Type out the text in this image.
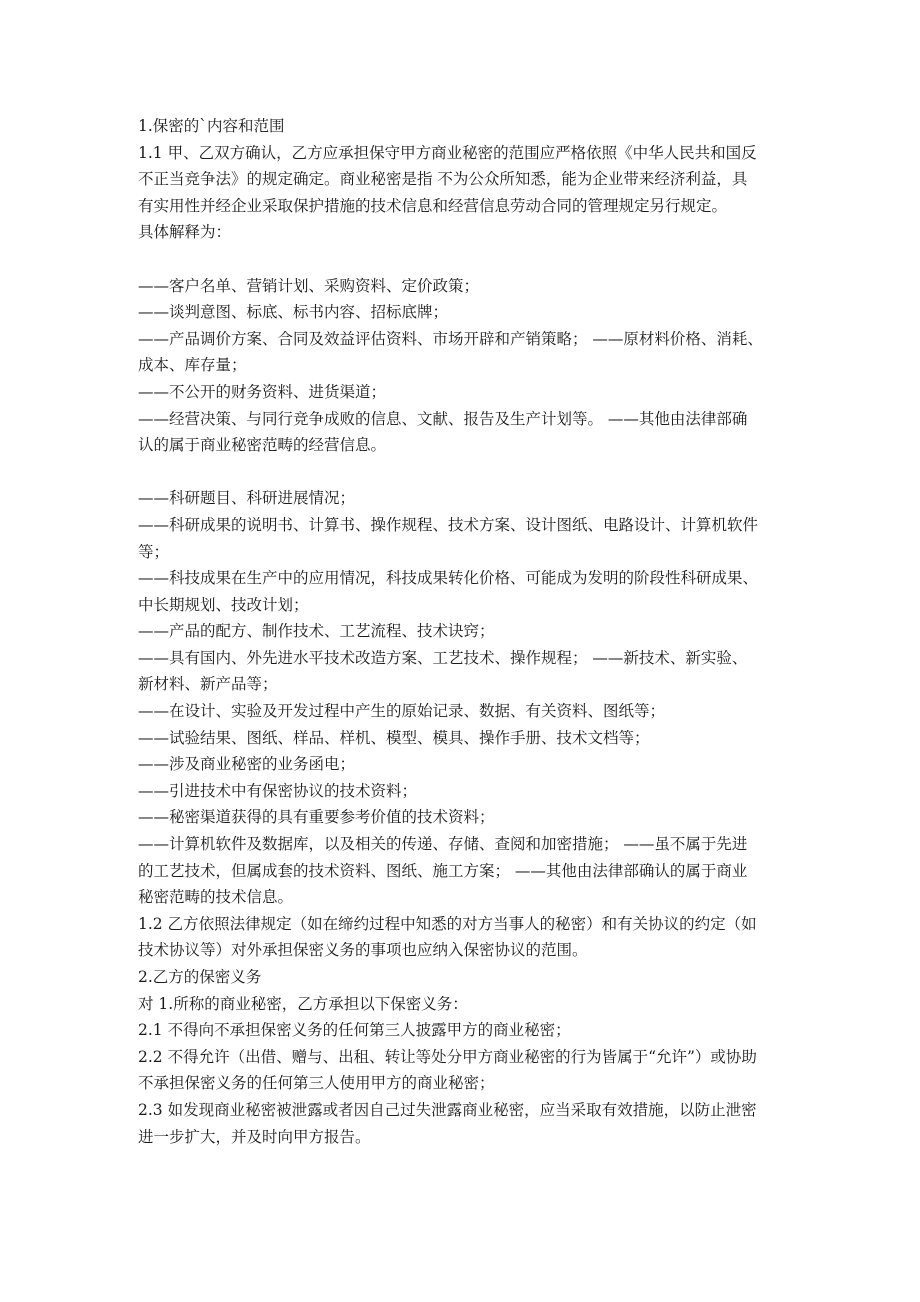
1.保密的`内容和范围
1.1 甲、乙双方确认，乙方应承担保守甲方商业秘密的范围应严格依照《中华人民共和国反
不正当竞争法》的规定确定。商业秘密是指 不为公众所知悉，能为企业带来经济利益，具
有实用性并经企业采取保护措施的技术信息和经营信息劳动合同的管理规定另行规定。
具体解释为：
——客户名单、营销计划、采购资料、定价政策；
——谈判意图、标底、标书内容、招标底牌；
——产品调价方案、合同及效益评估资料、市场开辟和产销策略； ——原材料价格、消耗、
成本、库存量；
——不公开的财务资料、进货渠道；
——经营决策、与同行竞争成败的信息、文献、报告及生产计划等。 ——其他由法律部确
认的属于商业秘密范畴的经营信息。
——科研题目、科研进展情况；
——科研成果的说明书、计算书、操作规程、技术方案、设计图纸、电路设计、计算机软件
等；
——科技成果在生产中的应用情况，科技成果转化价格、可能成为发明的阶段性科研成果、
中长期规划、技改计划；
——产品的配方、制作技术、工艺流程、技术诀窍；
——具有国内、外先进水平技术改造方案、工艺技术、操作规程； ——新技术、新实验、
新材料、新产品等；
——在设计、实验及开发过程中产生的原始记录、数据、有关资料、图纸等；
——试验结果、图纸、样品、样机、模型、模具、操作手册、技术文档等；
——涉及商业秘密的业务函电；
——引进技术中有保密协议的技术资料；
——秘密渠道获得的具有重要参考价值的技术资料；
——计算机软件及数据库，以及相关的传递、存储、查阅和加密措施； ——虽不属于先进
的工艺技术，但属成套的技术资料、图纸、施工方案； ——其他由法律部确认的属于商业
秘密范畴的技术信息。
1.2 乙方依照法律规定（如在缔约过程中知悉的对方当事人的秘密）和有关协议的约定（如
技术协议等）对外承担保密义务的事项也应纳入保密协议的范围。
2.乙方的保密义务
对 1.所称的商业秘密，乙方承担以下保密义务：
2.1 不得向不承担保密义务的任何第三人披露甲方的商业秘密；
2.2 不得允许（出借、赠与、出租、转让等处分甲方商业秘密的行为皆属于“允许”）或协助
不承担保密义务的任何第三人使用甲方的商业秘密；
2.3 如发现商业秘密被泄露或者因自己过失泄露商业秘密，应当采取有效措施，以防止泄密
进一步扩大，并及时向甲方报告。
